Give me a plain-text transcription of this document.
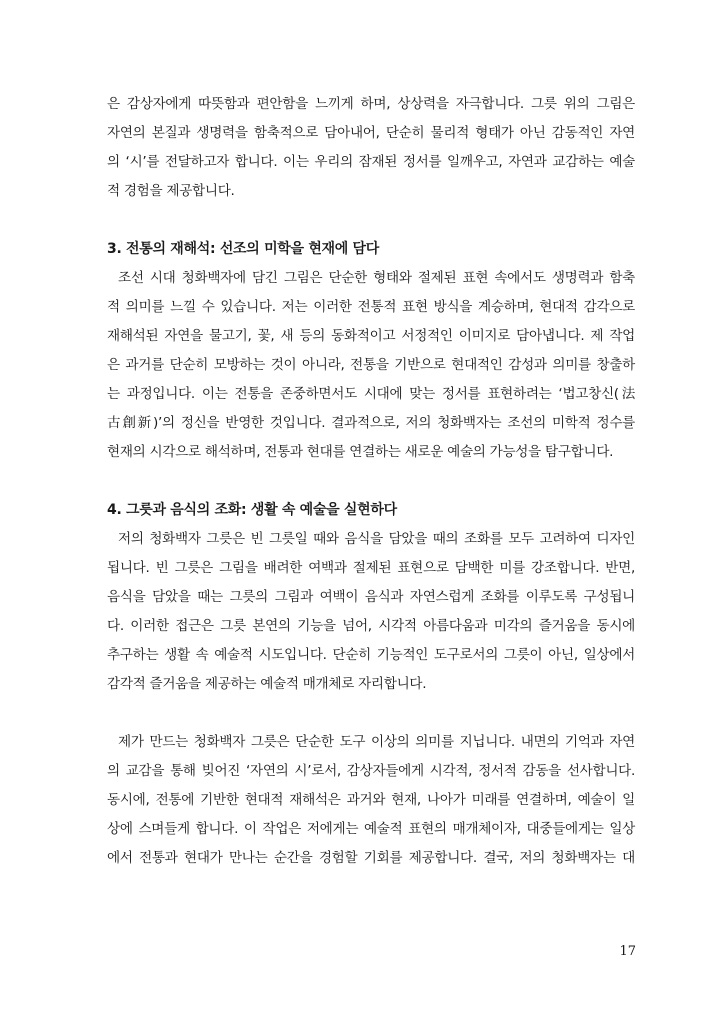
은 감상자에게 따뜻함과 편안함을 느끼게 하며, 상상력을 자극합니다. 그릇 위의 그림은
자연의 본질과 생명력을 함축적으로 담아내어, 단순히 물리적 형태가 아닌 감동적인 자연
의 ‘시’를 전달하고자 합니다. 이는 우리의 잠재된 정서를 일깨우고, 자연과 교감하는 예술
적 경험을 제공합니다.
3. 전통의 재해석: 선조의 미학을 현재에 담다
조선 시대 청화백자에 담긴 그림은 단순한 형태와 절제된 표현 속에서도 생명력과 함축
적 의미를 느낄 수 있습니다. 저는 이러한 전통적 표현 방식을 계승하며, 현대적 감각으로
재해석된 자연을 물고기, 꽃, 새 등의 동화적이고 서정적인 이미지로 담아냅니다. 제 작업
은 과거를 단순히 모방하는 것이 아니라, 전통을 기반으로 현대적인 감성과 의미를 창출하
는 과정입니다. 이는 전통을 존중하면서도 시대에 맞는 정서를 표현하려는 ‘법고창신(法
古創新)’의 정신을 반영한 것입니다. 결과적으로, 저의 청화백자는 조선의 미학적 정수를
현재의 시각으로 해석하며, 전통과 현대를 연결하는 새로운 예술의 가능성을 탐구합니다.
4. 그릇과 음식의 조화: 생활 속 예술을 실현하다
저의 청화백자 그릇은 빈 그릇일 때와 음식을 담았을 때의 조화를 모두 고려하여 디자인
됩니다. 빈 그릇은 그림을 배려한 여백과 절제된 표현으로 담백한 미를 강조합니다. 반면,
음식을 담았을 때는 그릇의 그림과 여백이 음식과 자연스럽게 조화를 이루도록 구성됩니
다. 이러한 접근은 그릇 본연의 기능을 넘어, 시각적 아름다움과 미각의 즐거움을 동시에
추구하는 생활 속 예술적 시도입니다. 단순히 기능적인 도구로서의 그릇이 아닌, 일상에서
감각적 즐거움을 제공하는 예술적 매개체로 자리합니다.
제가 만드는 청화백자 그릇은 단순한 도구 이상의 의미를 지닙니다. 내면의 기억과 자연
의 교감을 통해 빚어진 ‘자연의 시’로서, 감상자들에게 시각적, 정서적 감동을 선사합니다.
동시에, 전통에 기반한 현대적 재해석은 과거와 현재, 나아가 미래를 연결하며, 예술이 일
상에 스며들게 합니다. 이 작업은 저에게는 예술적 표현의 매개체이자, 대중들에게는 일상
에서 전통과 현대가 만나는 순간을 경험할 기회를 제공합니다. 결국, 저의 청화백자는 대
17
